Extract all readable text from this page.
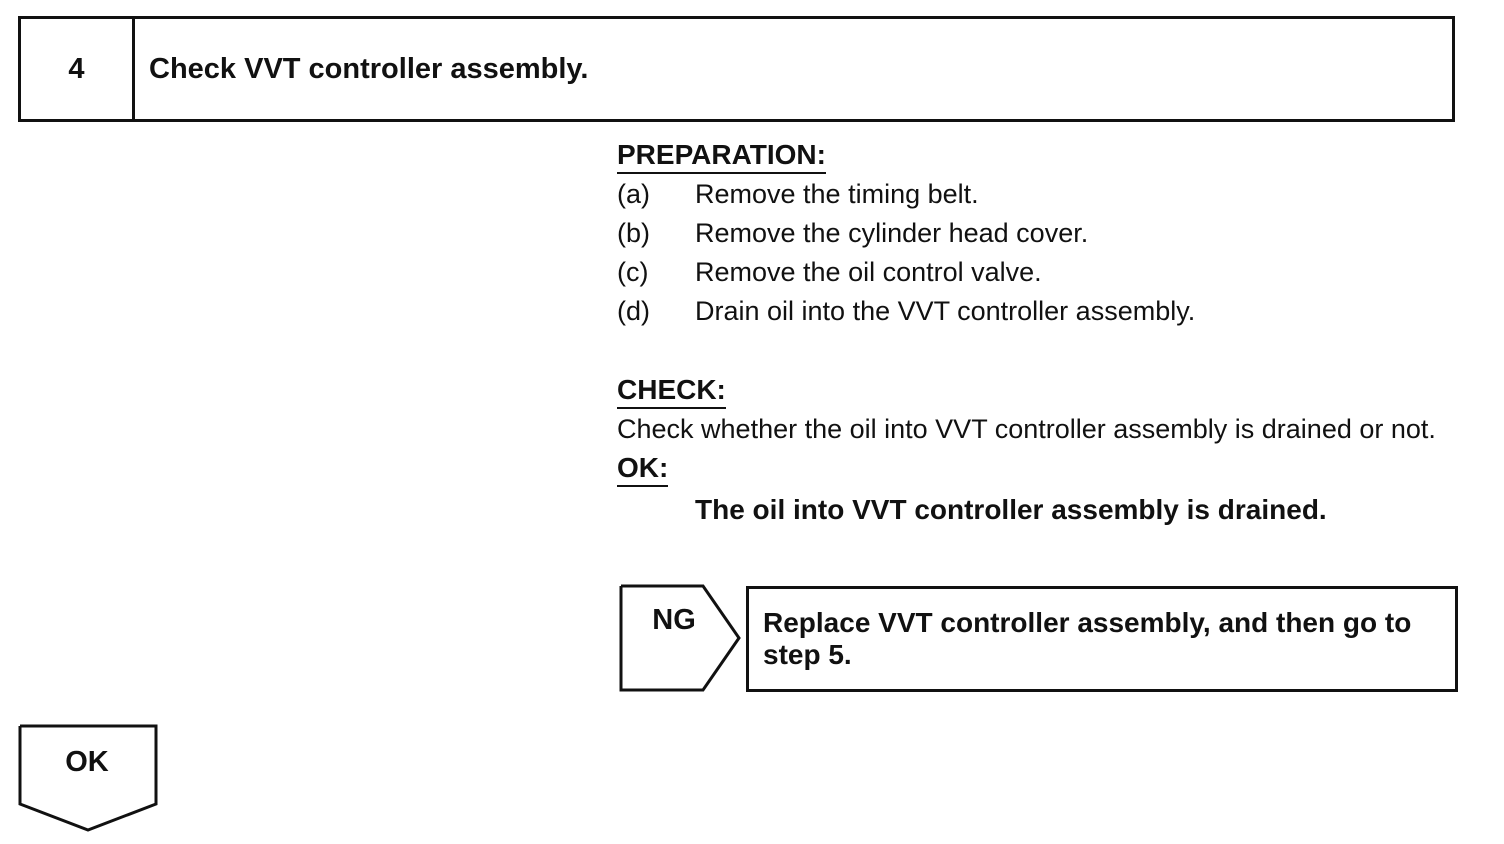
4	Check VVT controller assembly.
PREPARATION:
(a)	Remove the timing belt.
(b)	Remove the cylinder head cover.
(c)	Remove the oil control valve.
(d)	Drain oil into the VVT controller assembly.
CHECK:
Check whether the oil into VVT controller assembly is drained or not.
OK:
The oil into VVT controller assembly is drained.
NG	Replace VVT controller assembly, and then go to step 5.
OK
